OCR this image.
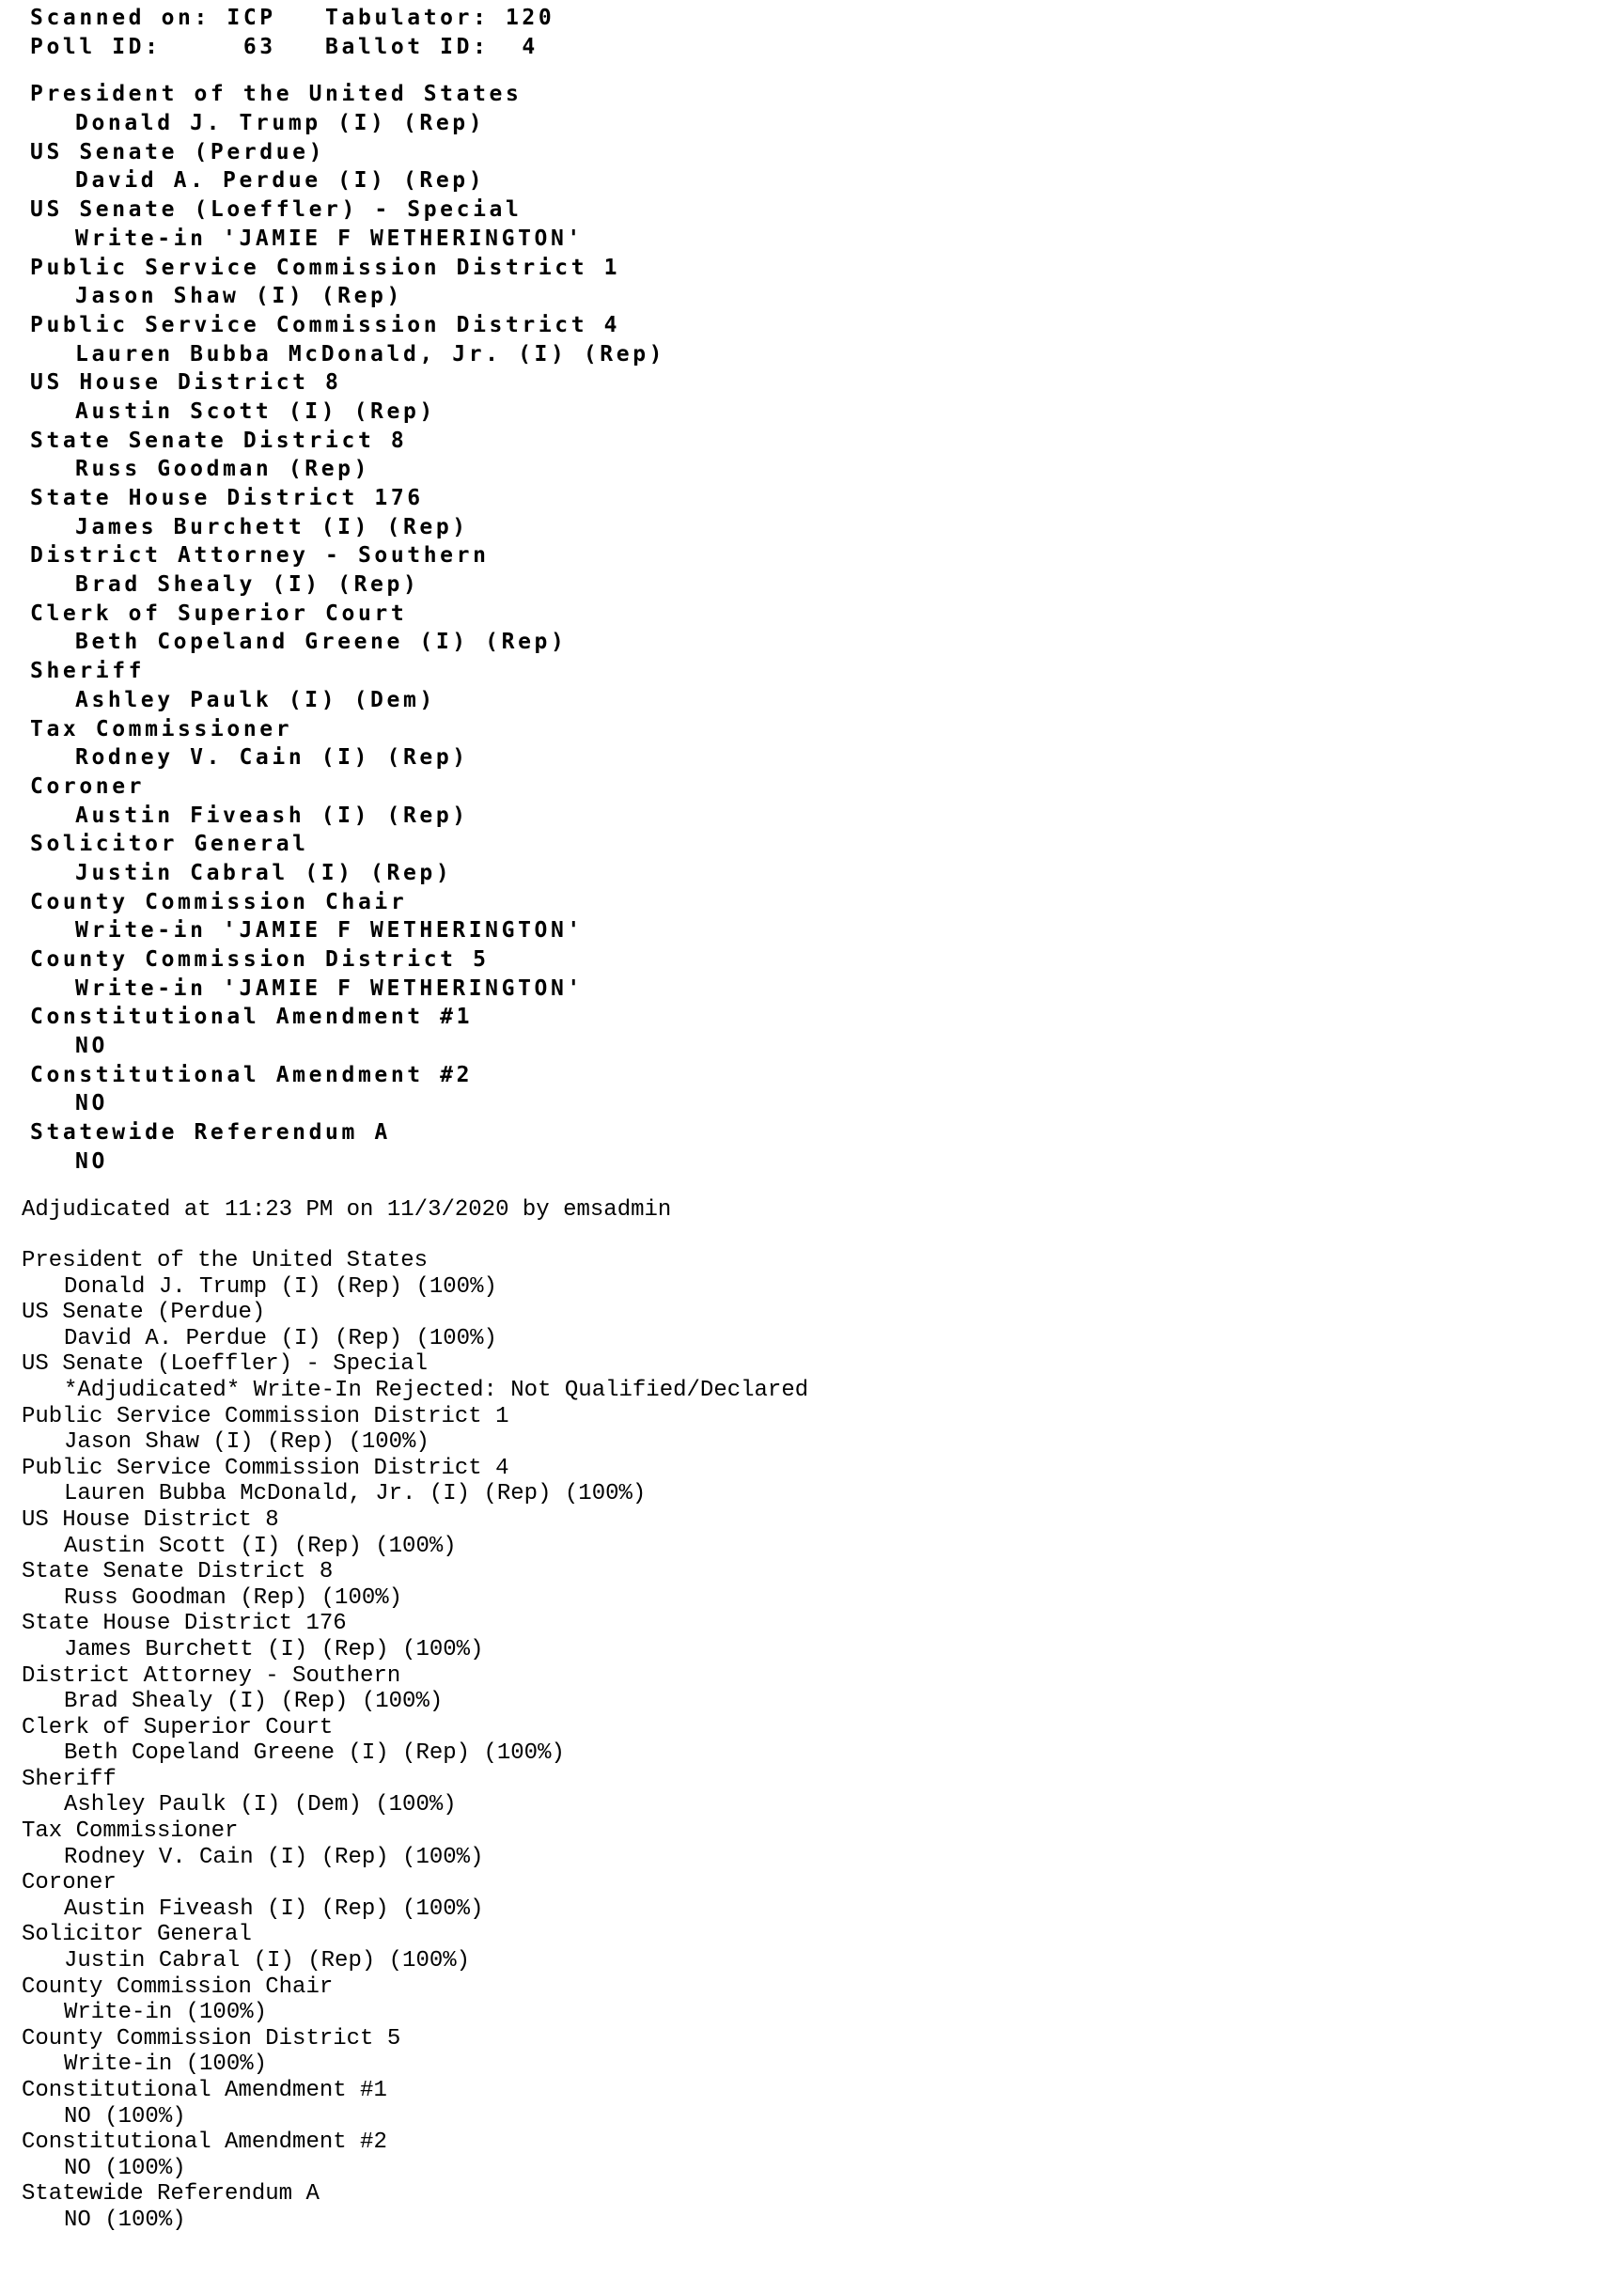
Scanned on: ICP   Tabulator: 120
Poll ID:     63   Ballot ID:  4
President of the United States
Donald J. Trump (I) (Rep)
US Senate (Perdue)
David A. Perdue (I) (Rep)
US Senate (Loeffler) - Special
Write-in 'JAMIE F WETHERINGTON'
Public Service Commission District 1
Jason Shaw (I) (Rep)
Public Service Commission District 4
Lauren Bubba McDonald, Jr. (I) (Rep)
US House District 8
Austin Scott (I) (Rep)
State Senate District 8
Russ Goodman (Rep)
State House District 176
James Burchett (I) (Rep)
District Attorney - Southern
Brad Shealy (I) (Rep)
Clerk of Superior Court
Beth Copeland Greene (I) (Rep)
Sheriff
Ashley Paulk (I) (Dem)
Tax Commissioner
Rodney V. Cain (I) (Rep)
Coroner
Austin Fiveash (I) (Rep)
Solicitor General
Justin Cabral (I) (Rep)
County Commission Chair
Write-in 'JAMIE F WETHERINGTON'
County Commission District 5
Write-in 'JAMIE F WETHERINGTON'
Constitutional Amendment #1
NO
Constitutional Amendment #2
NO
Statewide Referendum A
NO
Adjudicated at 11:23 PM on 11/3/2020 by emsadmin
President of the United States
Donald J. Trump (I) (Rep) (100%)
US Senate (Perdue)
David A. Perdue (I) (Rep) (100%)
US Senate (Loeffler) - Special
*Adjudicated* Write-In Rejected: Not Qualified/Declared
Public Service Commission District 1
Jason Shaw (I) (Rep) (100%)
Public Service Commission District 4
Lauren Bubba McDonald, Jr. (I) (Rep) (100%)
US House District 8
Austin Scott (I) (Rep) (100%)
State Senate District 8
Russ Goodman (Rep) (100%)
State House District 176
James Burchett (I) (Rep) (100%)
District Attorney - Southern
Brad Shealy (I) (Rep) (100%)
Clerk of Superior Court
Beth Copeland Greene (I) (Rep) (100%)
Sheriff
Ashley Paulk (I) (Dem) (100%)
Tax Commissioner
Rodney V. Cain (I) (Rep) (100%)
Coroner
Austin Fiveash (I) (Rep) (100%)
Solicitor General
Justin Cabral (I) (Rep) (100%)
County Commission Chair
Write-in (100%)
County Commission District 5
Write-in (100%)
Constitutional Amendment #1
NO (100%)
Constitutional Amendment #2
NO (100%)
Statewide Referendum A
NO (100%)
